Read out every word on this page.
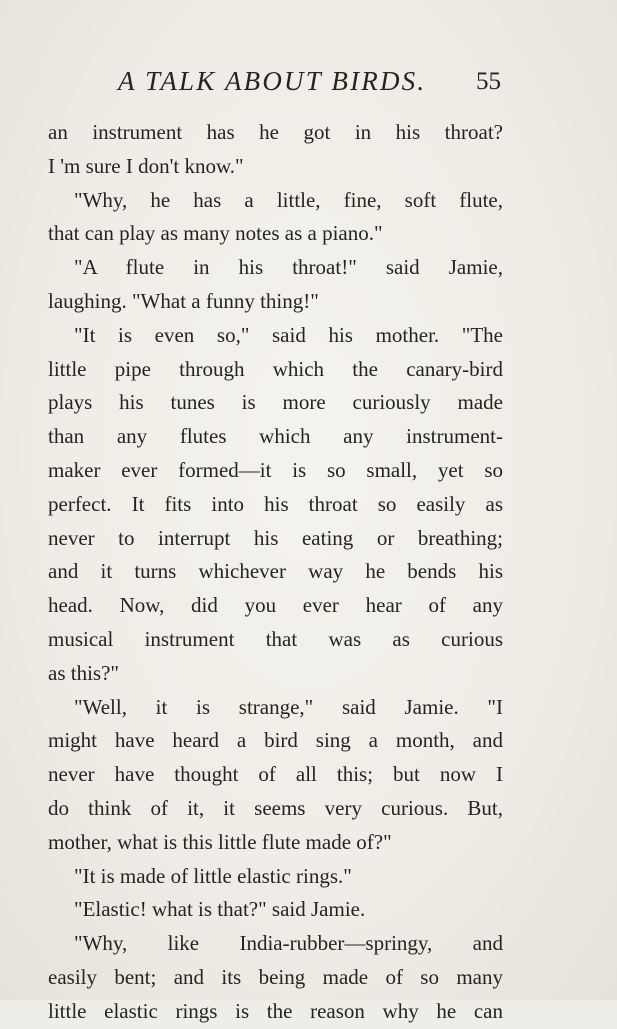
A TALK ABOUT BIRDS. 55
an instrument has he got in his throat?
I 'm sure I don't know."
"Why, he has a little, fine, soft flute,
that can play as many notes as a piano."
"A flute in his throat!" said Jamie,
laughing. "What a funny thing!"
"It is even so," said his mother. "The
little pipe through which the canary-bird
plays his tunes is more curiously made
than any flutes which any instrument-
maker ever formed—it is so small, yet so
perfect. It fits into his throat so easily as
never to interrupt his eating or breathing;
and it turns whichever way he bends his
head. Now, did you ever hear of any
musical instrument that was as curious
as this?"
"Well, it is strange," said Jamie. "I
might have heard a bird sing a month, and
never have thought of all this; but now I
do think of it, it seems very curious. But,
mother, what is this little flute made of?"
"It is made of little elastic rings."
"Elastic! what is that?" said Jamie.
"Why, like India-rubber—springy, and
easily bent; and its being made of so many
little elastic rings is the reason why he can
